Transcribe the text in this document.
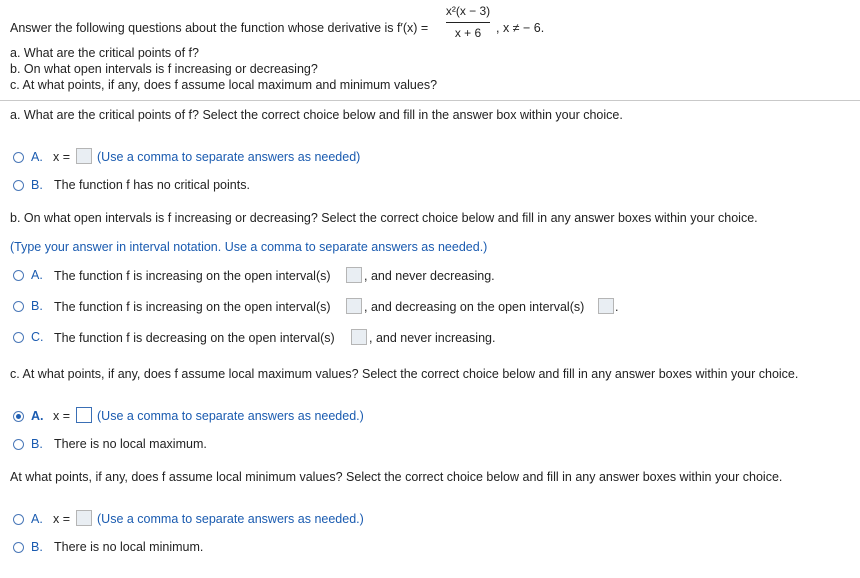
Answer the following questions about the function whose derivative is f′(x) =
x²(x − 3)
x + 6	, x ≠ − 6.
a. What are the critical points of f?
b. On what open intervals is f increasing or decreasing?
c. At what points, if any, does f assume local maximum and minimum values?
a. What are the critical points of f? Select the correct choice below and fill in the answer box within your choice.
A. x = (Use a comma to separate answers as needed)
B. The function f has no critical points.
b. On what open intervals is f increasing or decreasing? Select the correct choice below and fill in any answer boxes within your choice.
(Type your answer in interval notation. Use a comma to separate answers as needed.)
A. The function f is increasing on the open interval(s)	, and never decreasing.
B. The function f is increasing on the open interval(s)	, and decreasing on the open interval(s) .
C. The function f is decreasing on the open interval(s)	, and never increasing.
c. At what points, if any, does f assume local maximum values? Select the correct choice below and fill in any answer boxes within your choice.
A. x = (Use a comma to separate answers as needed.)
B. There is no local maximum.
At what points, if any, does f assume local minimum values? Select the correct choice below and fill in any answer boxes within your choice.
A. x = (Use a comma to separate answers as needed.)
B. There is no local minimum.
